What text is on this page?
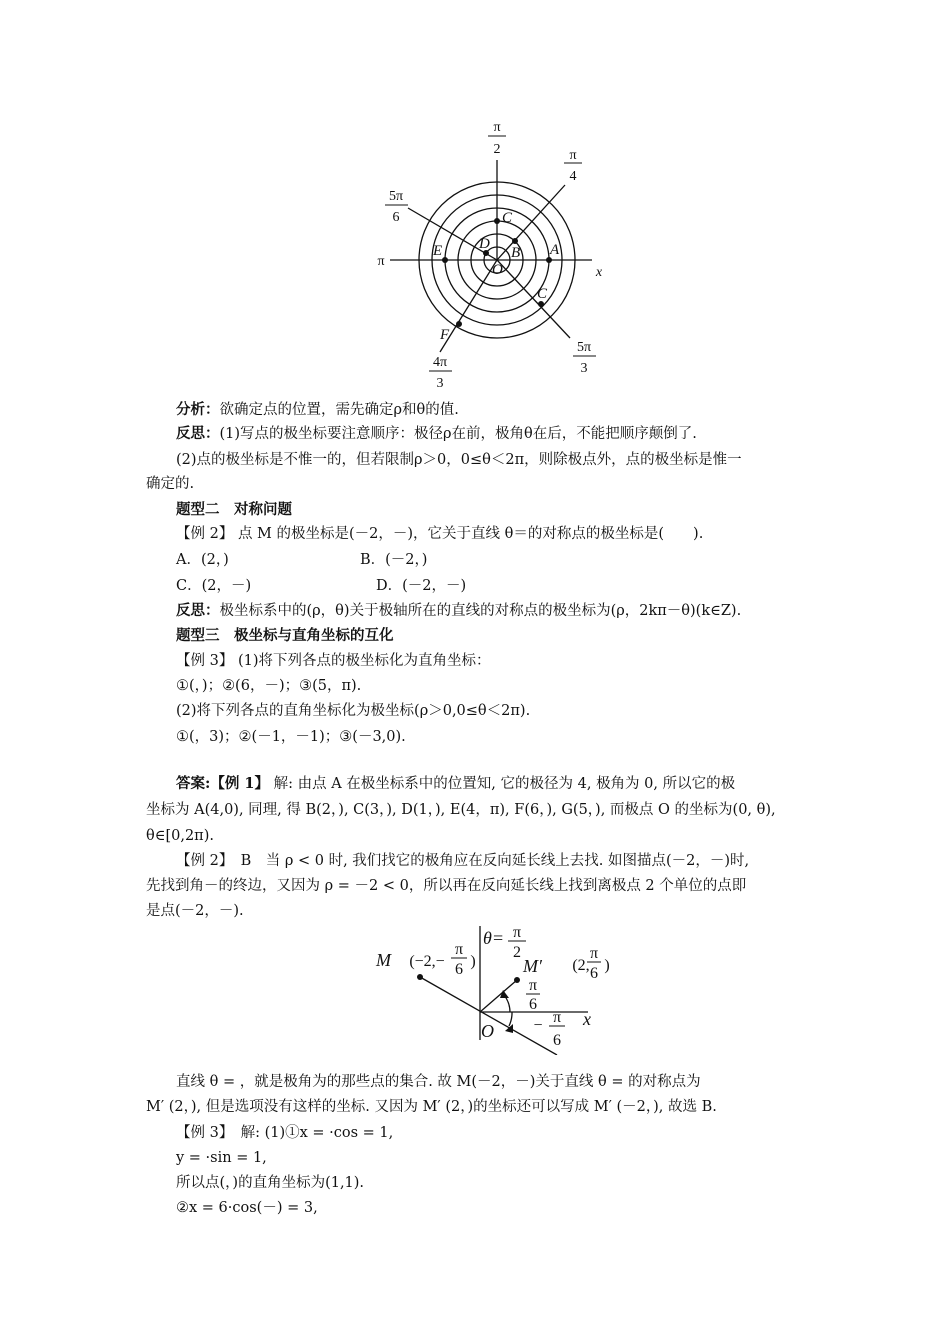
π
2	π
4
5π
6
π
x
4π
3
5π
3
A
B
C
C
D
E
F
O
分析：欲确定点的位置，需先确定ρ和θ的值.
反思：(1)写点的极坐标要注意顺序：极径ρ在前，极角θ在后，不能把顺序颠倒了.
(2)点的极坐标是不惟一的，但若限制ρ＞0，0≤θ＜2π，则除极点外，点的极坐标是惟一
确定的.
题型二　对称问题
【例 2】 点 M 的极坐标是(－2，－)，它关于直线 θ＝的对称点的极坐标是(　　).
A．(2，)	B．(－2，)
C．(2，－)	D．(－2，－)
反思：极坐标系中的(ρ，θ)关于极轴所在的直线的对称点的极坐标为(ρ，2kπ－θ)(k∈Z).
题型三　极坐标与直角坐标的互化
【例 3】 (1)将下列各点的极坐标化为直角坐标：
①(，)；②(6，－)；③(5，π).
(2)将下列各点的直角坐标化为极坐标(ρ＞0,0≤θ＜2π).
①(，3)；②(－1，－1)；③(－3,0).
答案:【例 1】 解: 由点 A 在极坐标系中的位置知, 它的极径为 4, 极角为 0, 所以它的极
坐标为 A(4,0), 同理, 得 B(2，), C(3，), D(1，), E(4，π), F(6，), G(5，), 而极点 O 的坐标为(0, θ),
θ∈[0,2π).
【例 2】　B　当 ρ < 0 时, 我们找它的极角应在反向延长线上去找. 如图描点(－2，－)时,
先找到角－的终边，又因为 ρ = －2 < 0，所以再在反向延长线上找到离极点 2 个单位的点即
是点(－2，－).
θ=
M	M′
O
x
π
2
(−2,−
π
6 )	(2,
π
6 )
π
6
− π
6
直线 θ = ，就是极角为的那些点的集合. 故 M(－2，－)关于直线 θ = 的对称点为
M′ (2，), 但是选项没有这样的坐标. 又因为 M′ (2，)的坐标还可以写成 M′ (－2，), 故选 B.
【例 3】　解: (1)①x = ·cos = 1,
y = ·sin = 1,
所以点(，)的直角坐标为(1,1).
②x = 6·cos(－) = 3,
